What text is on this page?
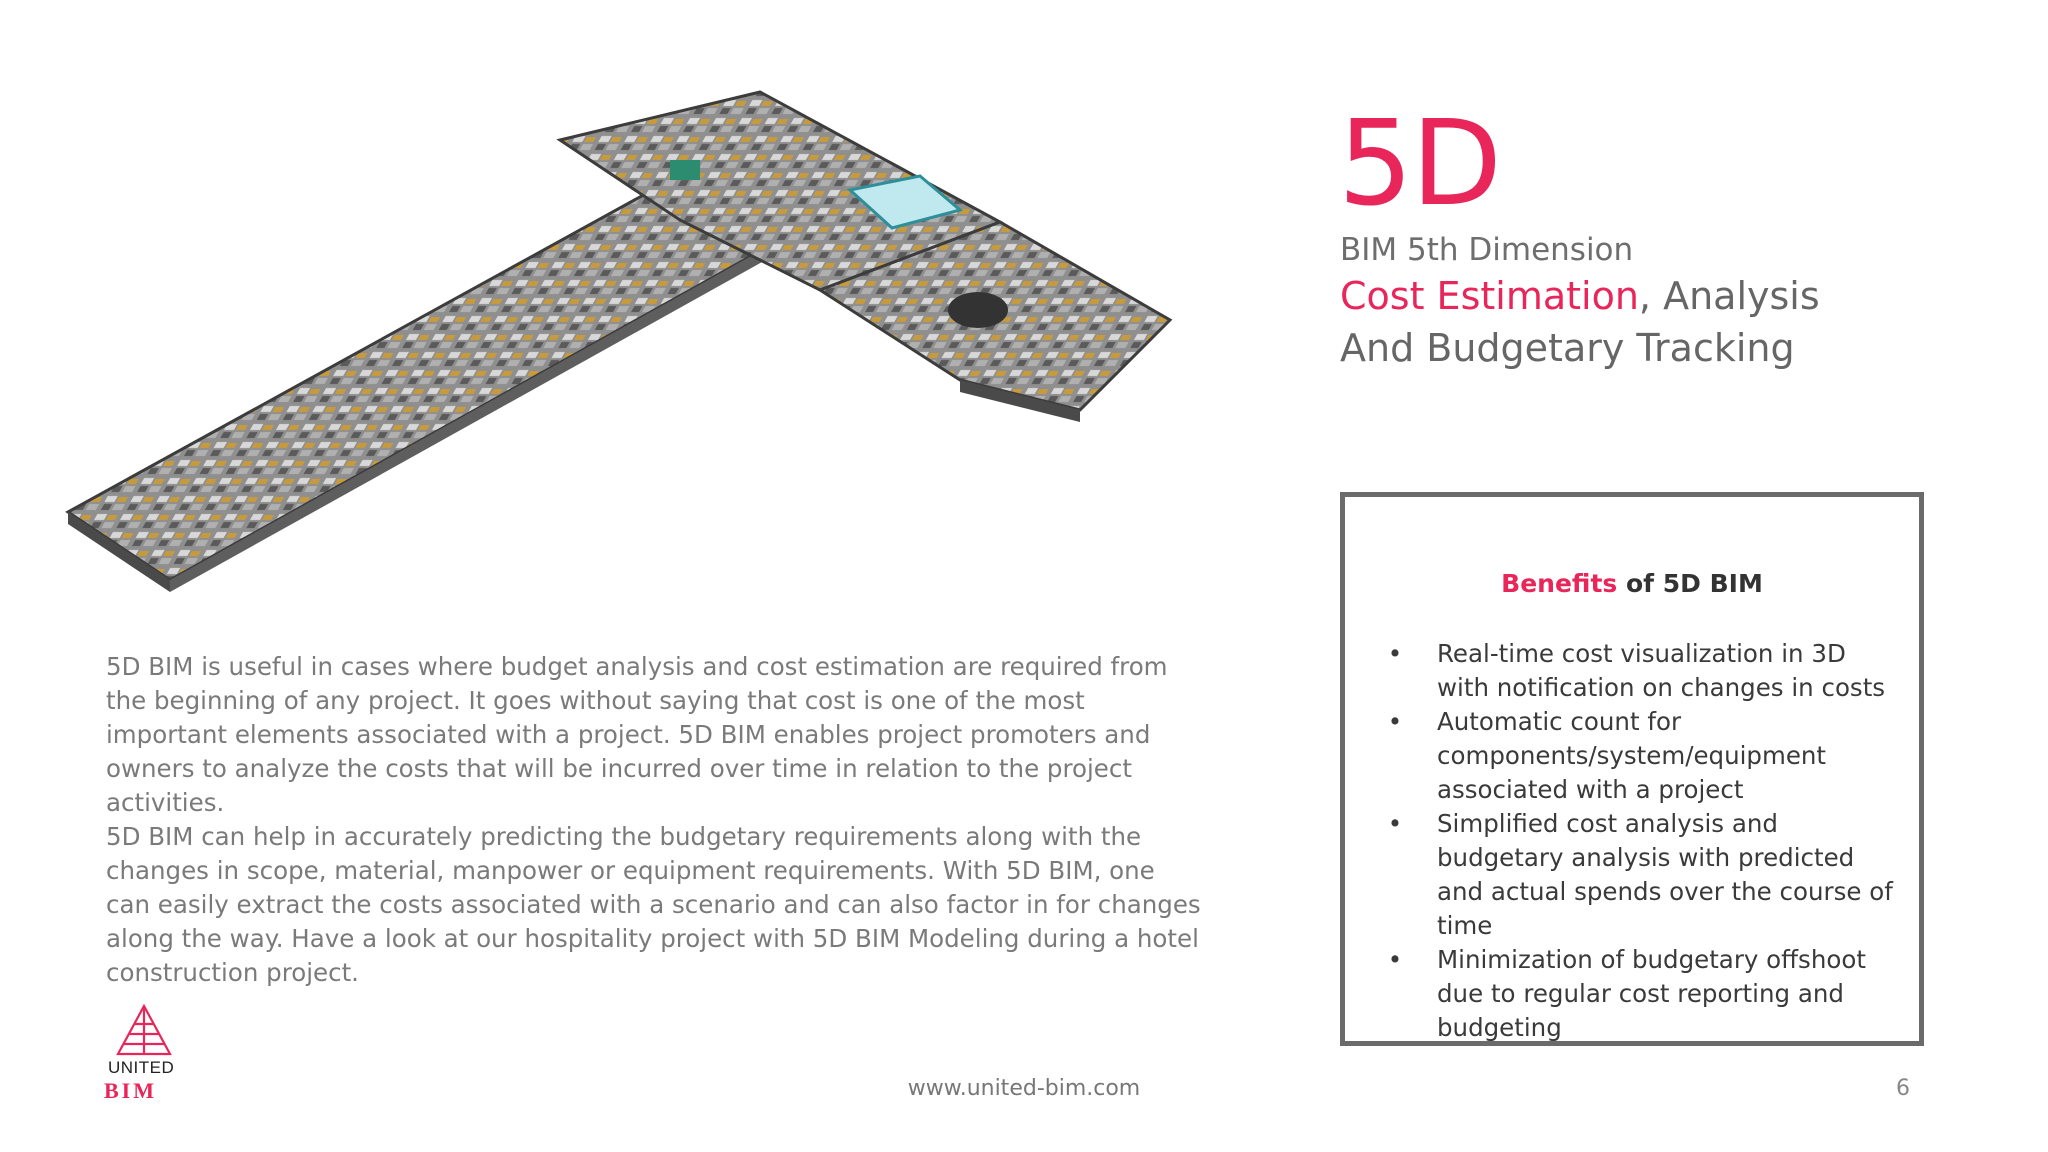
5D
BIM 5th Dimension
Cost Estimation, Analysis
And Budgetary Tracking

5D BIM is useful in cases where budget analysis and cost estimation are required from the beginning of any project. It goes without saying that cost is one of the most important elements associated with a project. 5D BIM enables project promoters and owners to analyze the costs that will be incurred over time in relation to the project activities.

5D BIM can help in accurately predicting the budgetary requirements along with the changes in scope, material, manpower or equipment requirements. With 5D BIM, one can easily extract the costs associated with a scenario and can also factor in for changes along the way. Have a look at our hospitality project with 5D BIM Modeling during a hotel construction project.

Benefits of 5D BIM
• Real-time cost visualization in 3D with notification on changes in costs
• Automatic count for components/system/equipment associated with a project
• Simplified cost analysis and budgetary analysis with predicted and actual spends over the course of time
• Minimization of budgetary offshoot due to regular cost reporting and budgeting
UNITED
BIM	www.united-bim.com	6
